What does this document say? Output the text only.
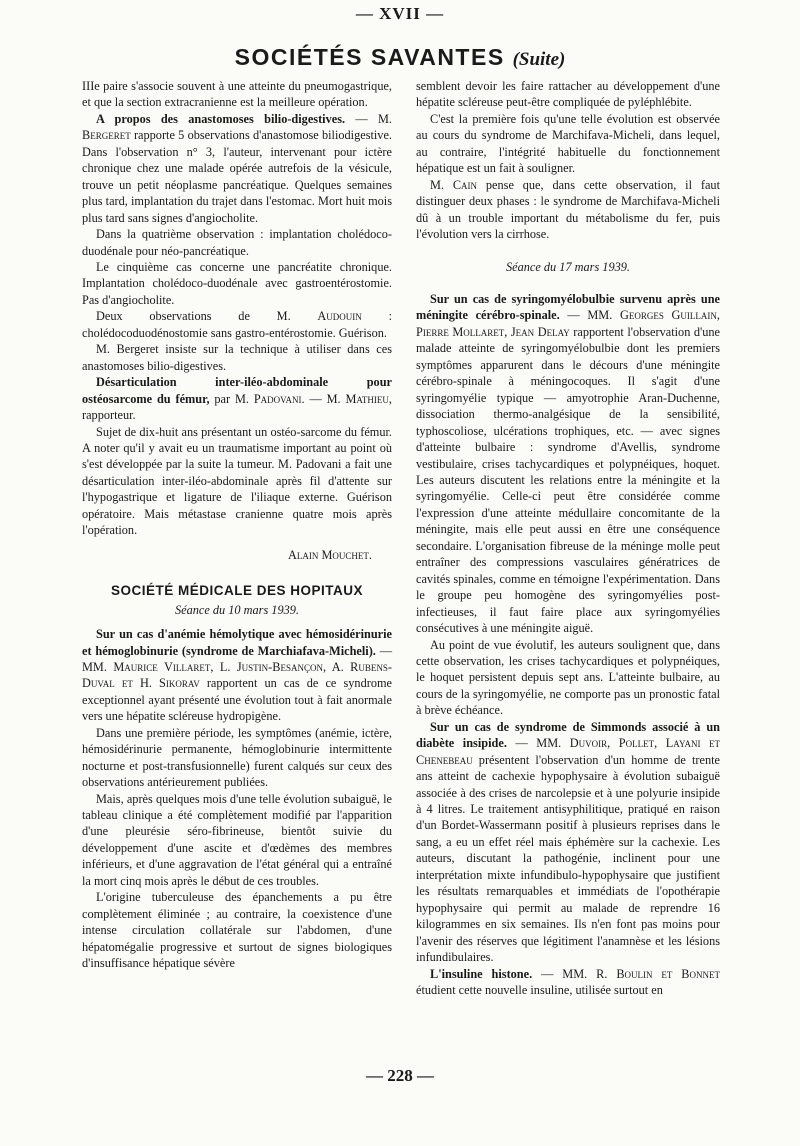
— XVII —
SOCIÉTÉS SAVANTES (Suite)

IIIe paire s'associe souvent à une atteinte du pneumogastrique, et que la section extracranienne est la meilleure opération.

A propos des anastomoses bilio-digestives. — M. Bergeret rapporte 5 observations d'anastomose biliodigestive. Dans l'observation n° 3, l'auteur, intervenant pour ictère chronique chez une malade opérée autrefois de la vésicule, trouve un petit néoplasme pancréatique. Quelques semaines plus tard, implantation du trajet dans l'estomac. Mort huit mois plus tard sans signes d'angiocholite.

Dans la quatrième observation : implantation cholédoco-duodénale pour néo-pancréatique.

Le cinquième cas concerne une pancréatite chronique. Implantation cholédoco-duodénale avec gastroentérostomie. Pas d'angiocholite.

Deux observations de M. Audouin : cholédocoduodénostomie sans gastro-entérostomie. Guérison.

M. Bergeret insiste sur la technique à utiliser dans ces anastomoses bilio-digestives.

Désarticulation inter-iléo-abdominale pour ostéosarcome du fémur, par M. Padovani. — M. Mathieu, rapporteur.

Sujet de dix-huit ans présentant un ostéo-sarcome du fémur. A noter qu'il y avait eu un traumatisme important au point où s'est développée par la suite la tumeur. M. Padovani a fait une désarticulation inter-iléo-abdominale après fil d'attente sur l'hypogastrique et ligature de l'iliaque externe. Guérison opératoire. Mais métastase cranienne quatre mois après l'opération.

Alain Mouchet.

SOCIÉTÉ MÉDICALE DES HOPITAUX

Séance du 10 mars 1939.

Sur un cas d'anémie hémolytique avec hémosidérinurie et hémoglobinurie (syndrome de Marchiafava-Micheli). — MM. Maurice Villaret, L. Justin-Besançon, A. Rubens-Duval et H. Sikorav rapportent un cas de ce syndrome exceptionnel ayant présenté une évolution tout à fait anormale vers une hépatite scléreuse hydropigène.

Dans une première période, les symptômes (anémie, ictère, hémosidérinurie permanente, hémoglobinurie intermittente nocturne et post-transfusionnelle) furent calqués sur ceux des observations antérieurement publiées.

Mais, après quelques mois d'une telle évolution subaiguë, le tableau clinique a été complètement modifié par l'apparition d'une pleurésie séro-fibrineuse, bientôt suivie du développement d'une ascite et d'œdèmes des membres inférieurs, et d'une aggravation de l'état général qui a entraîné la mort cinq mois après le début de ces troubles.

L'origine tuberculeuse des épanchements a pu être complètement éliminée ; au contraire, la coexistence d'une intense circulation collatérale sur l'abdomen, d'une hépatomégalie progressive et surtout de signes biologiques d'insuffisance hépatique sévère

semblent devoir les faire rattacher au développement d'une hépatite scléreuse peut-être compliquée de pyléphlébite.

C'est la première fois qu'une telle évolution est observée au cours du syndrome de Marchifava-Micheli, dans lequel, au contraire, l'intégrité habituelle du fonctionnement hépatique est un fait à souligner.

M. Cain pense que, dans cette observation, il faut distinguer deux phases : le syndrome de Marchifava-Micheli dû à un trouble important du métabolisme du fer, puis l'évolution vers la cirrhose.

Séance du 17 mars 1939.

Sur un cas de syringomyélobulbie survenu après une méningite cérébro-spinale. — MM. Georges Guillain, Pierre Mollaret, Jean Delay rapportent l'observation d'une malade atteinte de syringomyélobulbie dont les premiers symptômes apparurent dans le décours d'une méningite cérébro-spinale à méningocoques. Il s'agit d'une syringomyélie typique — amyotrophie Aran-Duchenne, dissociation thermo-analgésique de la sensibilité, typhoscoliose, ulcérations trophiques, etc. — avec signes d'atteinte bulbaire : syndrome d'Avellis, syndrome vestibulaire, crises tachycardiques et polypnéiques, hoquet. Les auteurs discutent les relations entre la méningite et la syringomyélie. Celle-ci peut être considérée comme l'expression d'une atteinte médullaire concomitante de la méningite, mais elle peut aussi en être une conséquence secondaire. L'organisation fibreuse de la méninge molle peut entraîner des compressions vasculaires génératrices de cavités spinales, comme en témoigne l'expérimentation. Dans le groupe peu homogène des syringomyélies post-infectieuses, il faut faire place aux syringomyélies consécutives à une méningite aiguë.

Au point de vue évolutif, les auteurs soulignent que, dans cette observation, les crises tachycardiques et polypnéiques, le hoquet persistent depuis sept ans. L'atteinte bulbaire, au cours de la syringomyélie, ne comporte pas un pronostic fatal à brève échéance.

Sur un cas de syndrome de Simmonds associé à un diabète insipide. — MM. Duvoir, Pollet, Layani et Chenebeau présentent l'observation d'un homme de trente ans atteint de cachexie hypophysaire à évolution subaiguë associée à des crises de narcolepsie et à une polyurie insipide à 4 litres. Le traitement antisyphilitique, pratiqué en raison d'un Bordet-Wassermann positif à plusieurs reprises dans le sang, a eu un effet réel mais éphémère sur la cachexie. Les auteurs, discutant la pathogénie, inclinent pour une interprétation mixte infundibulo-hypophysaire que justifient les résultats remarquables et immédiats de l'opothérapie hypophysaire qui permit au malade de reprendre 16 kilogrammes en six semaines. Ils n'en font pas moins pour l'avenir des réserves que légitiment l'anamnèse et les lésions infundibulaires.

L'insuline histone. — MM. R. Boulin et Bonnet étudient cette nouvelle insuline, utilisée surtout en

— 228 —
